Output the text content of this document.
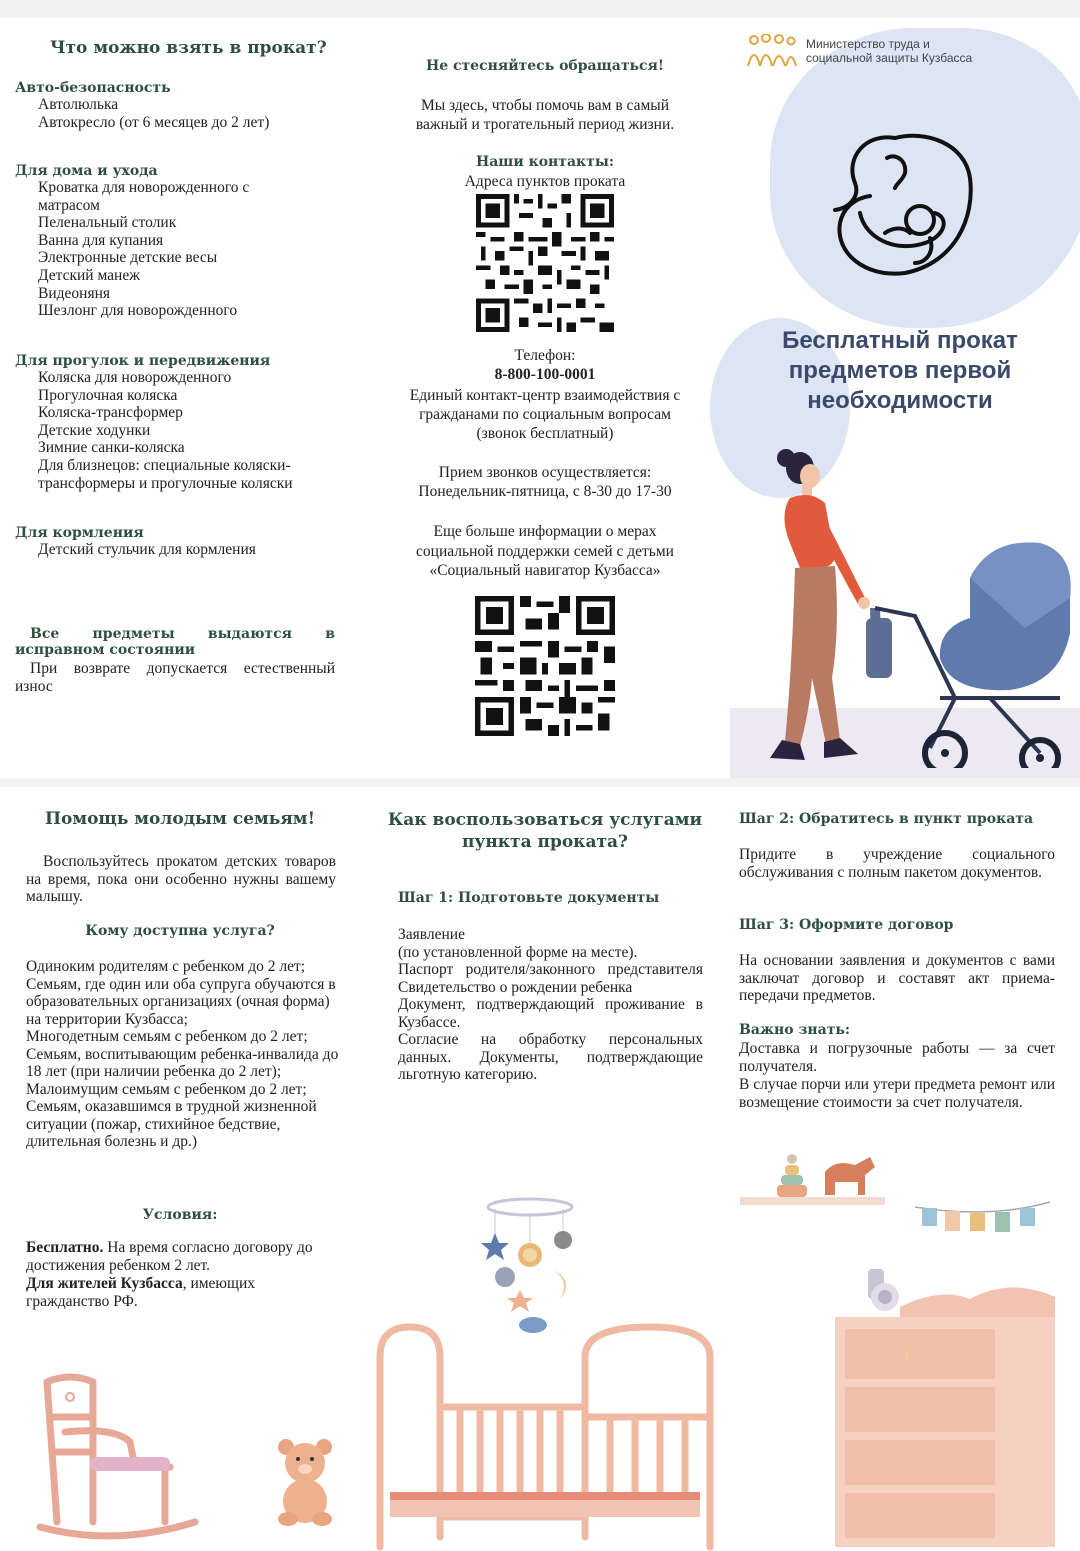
Что можно взять в прокат?

Авто-безопасность

Автолюлька
Автокресло (от 6 месяцев до 2 лет)

Для дома и ухода

Кроватка для новорожденного с матрасом
Пеленальный столик
Ванна для купания
Электронные детские весы
Детский манеж
Видеоняня
Шезлонг для новорожденного

Для прогулок и передвижения

Коляска для новорожденного
Прогулочная коляска
Коляска-трансформер
Детские ходунки
Зимние санки-коляска
Для близнецов: специальные коляски-трансформеры и прогулочные коляски

Для кормления

Детский стульчик для кормления

Все предметы выдаются в исправном состоянии

При возврате допускается естественный износ

Не стесняйтесь обращаться!
Мы здесь, чтобы помочь вам в самый важный и трогательный период жизни.
Наши контакты:
Адреса пунктов проката
Телефон:
8-800-100-0001
Единый контакт-центр взаимодействия с гражданами по социальным вопросам (звонок бесплатный)
Прием звонков осуществляется:
Понедельник-пятница, с 8-30 до 17-30
Еще больше информации о мерах социальной поддержки семей с детьми «Социальный навигатор Кузбасса»
Министерство труда и социальной защиты Кузбасса
Бесплатный прокат предметов первой необходимости
Помощь молодым семьям!
Воспользуйтесь прокатом детских товаров на время, пока они особенно нужны вашему малышу.
Кому доступна услуга?
Одиноким родителям с ребенком до 2 лет;
Семьям, где один или оба супруга обучаются в образовательных организациях (очная форма) на территории Кузбасса;
Многодетным семьям с ребенком до 2 лет;
Семьям, воспитывающим ребенка-инвалида до 18 лет (при наличии ребенка до 2 лет);
Малоимущим семьям с ребенком до 2 лет;
Семьям, оказавшимся в трудной жизненной ситуации (пожар, стихийное бедствие, длительная болезнь и др.)
Условия:
Бесплатно. На время согласно договору до достижения ребенком 2 лет.
Для жителей Кузбасса, имеющих гражданство РФ.
Как воспользоваться услугами пункта проката?
Шаг 1: Подготовьте документы
Заявление
(по установленной форме на месте).
Паспорт родителя/законного представителя
Свидетельство о рождении ребенка
Документ, подтверждающий проживание в Кузбассе.
Согласие на обработку персональных данных. Документы, подтверждающие льготную категорию.
Шаг 2: Обратитесь в пункт проката
Придите в учреждение социального обслуживания с полным пакетом документов.
Шаг 3: Оформите договор
На основании заявления и документов с вами заключат договор и составят акт приема-передачи предметов.
Важно знать:
Доставка и погрузочные работы — за счет получателя.
В случае порчи или утери предмета ремонт или возмещение стоимости за счет получателя.
